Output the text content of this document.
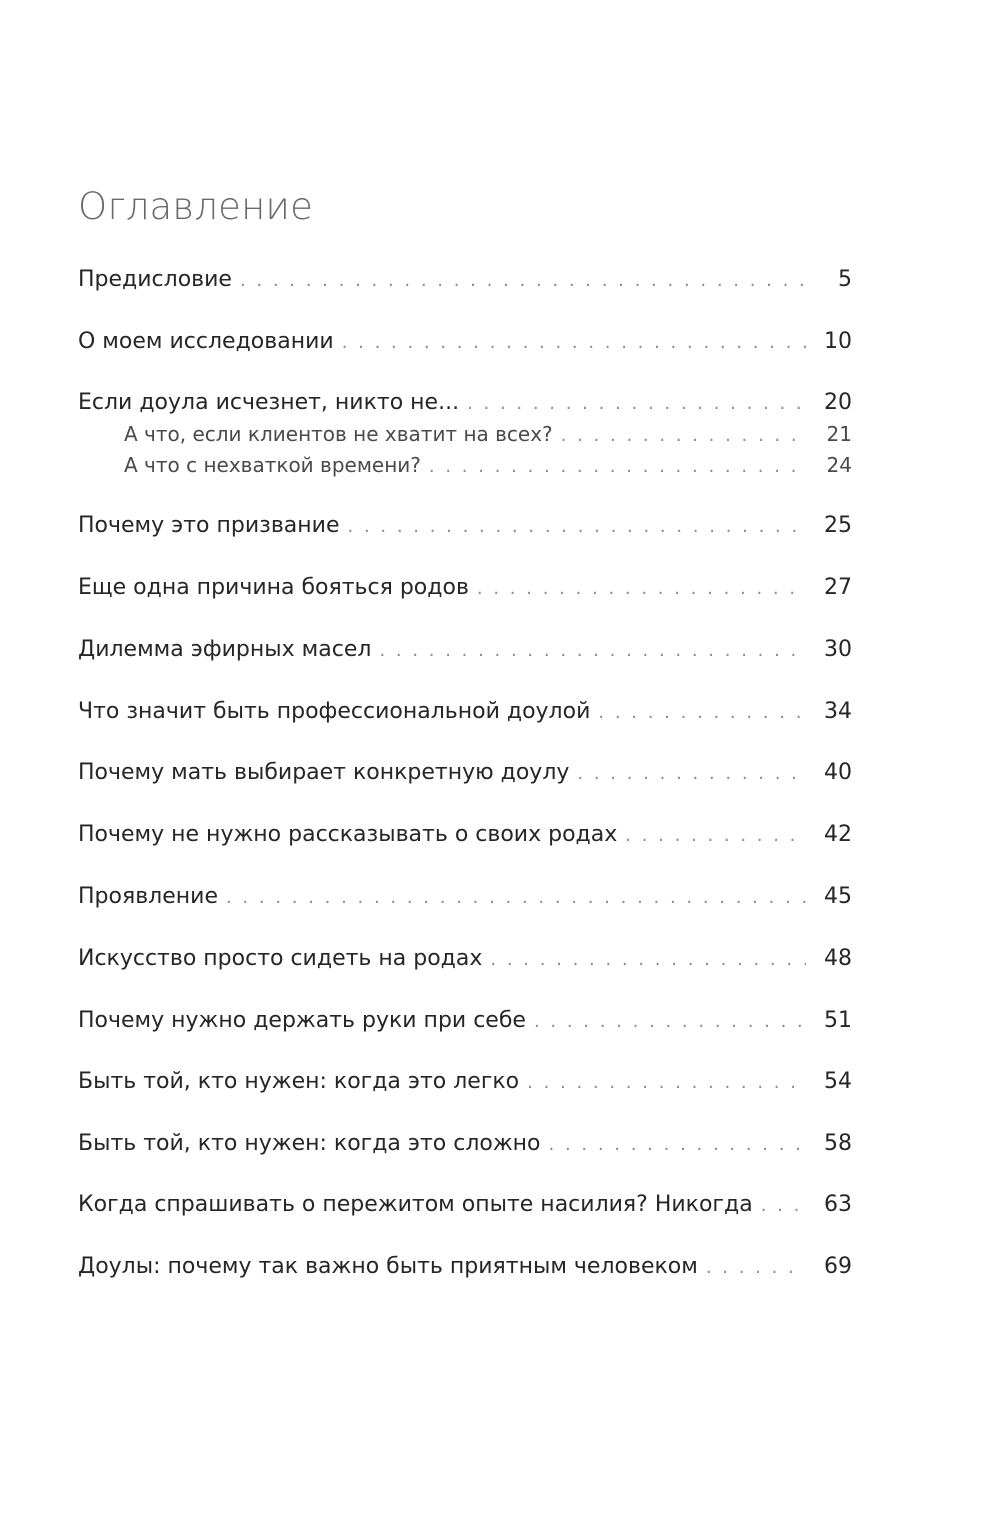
Оглавление
Предисловие . . .	5
О моем исследовании . . .	10
Если доула исчезнет, никто не... . . .	20
А что, если клиентов не хватит на всех? . . .	21
А что с нехваткой времени? . . .	24
Почему это призвание . . .	25
Еще одна причина бояться родов . . .	27
Дилемма эфирных масел . . .	30
Что значит быть профессиональной доулой . . .	34
Почему мать выбирает конкретную доулу . . .	40
Почему не нужно рассказывать о своих родах . . .	42
Проявление . . .	45
Искусство просто сидеть на родах . . .	48
Почему нужно держать руки при себе . . .	51
Быть той, кто нужен: когда это легко . . .	54
Быть той, кто нужен: когда это сложно . . .	58
Когда спрашивать о пережитом опыте насилия? Никогда . . .	63
Доулы: почему так важно быть приятным человеком . . .	69
